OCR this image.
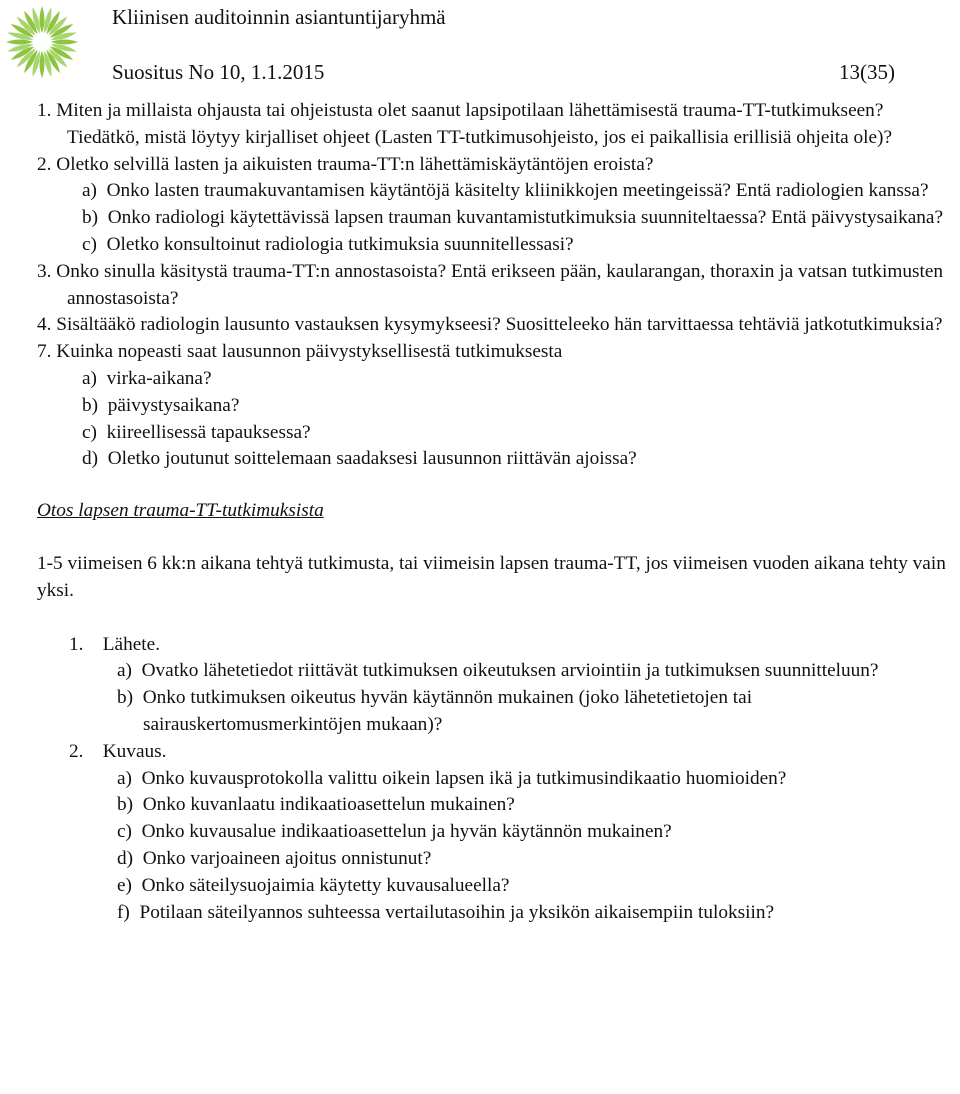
Kliinisen auditoinnin asiantuntijaryhmä
Suositus No 10, 1.1.2015	13(35)

1. Miten ja millaista ohjausta tai ohjeistusta olet saanut lapsipotilaan lähettämisestä trauma-TT-tutkimukseen? Tiedätkö, mistä löytyy kirjalliset ohjeet (Lasten TT-tutkimusohjeisto, jos ei paikallisia erillisiä ohjeita ole)?

2. Oletko selvillä lasten ja aikuisten trauma-TT:n lähettämiskäytäntöjen eroista?

a)  Onko lasten traumakuvantamisen käytäntöjä käsitelty kliinikkojen meetingeissä? Entä radiologien kanssa?

b)  Onko radiologi käytettävissä lapsen trauman kuvantamistutkimuksia suunniteltaessa? Entä päivystysaikana?

c)  Oletko konsultoinut radiologia tutkimuksia suunnitellessasi?

3. Onko sinulla käsitystä trauma-TT:n annostasoista? Entä erikseen pään, kaularangan, thoraxin ja vatsan tutkimusten annostasoista?

4. Sisältääkö radiologin lausunto vastauksen kysymykseesi? Suositteleeko hän tarvittaessa tehtäviä jatkotutkimuksia?

7. Kuinka nopeasti saat lausunnon päivystyksellisestä tutkimuksesta

a)  virka-aikana?

b)  päivystysaikana?

c)  kiireellisessä tapauksessa?

d)  Oletko joutunut soittelemaan saadaksesi lausunnon riittävän ajoissa?

Otos lapsen trauma-TT-tutkimuksista

1-5 viimeisen 6 kk:n aikana tehtyä tutkimusta, tai viimeisin lapsen trauma-TT, jos viimeisen vuoden aikana tehty vain yksi.

1.    Lähete.

a)  Ovatko lähetetiedot riittävät tutkimuksen oikeutuksen arviointiin ja tutkimuksen suunnitteluun?

b)  Onko tutkimuksen oikeutus hyvän käytännön mukainen (joko lähetetietojen tai sairauskertomusmerkintöjen mukaan)?

2.    Kuvaus.

a)  Onko kuvausprotokolla valittu oikein lapsen ikä ja tutkimusindikaatio huomioiden?

b)  Onko kuvanlaatu indikaatioasettelun mukainen?

c)  Onko kuvausalue indikaatioasettelun ja hyvän käytännön mukainen?

d)  Onko varjoaineen ajoitus onnistunut?

e)  Onko säteilysuojaimia käytetty kuvausalueella?

f)  Potilaan säteilyannos suhteessa vertailutasoihin ja yksikön aikaisempiin tuloksiin?
